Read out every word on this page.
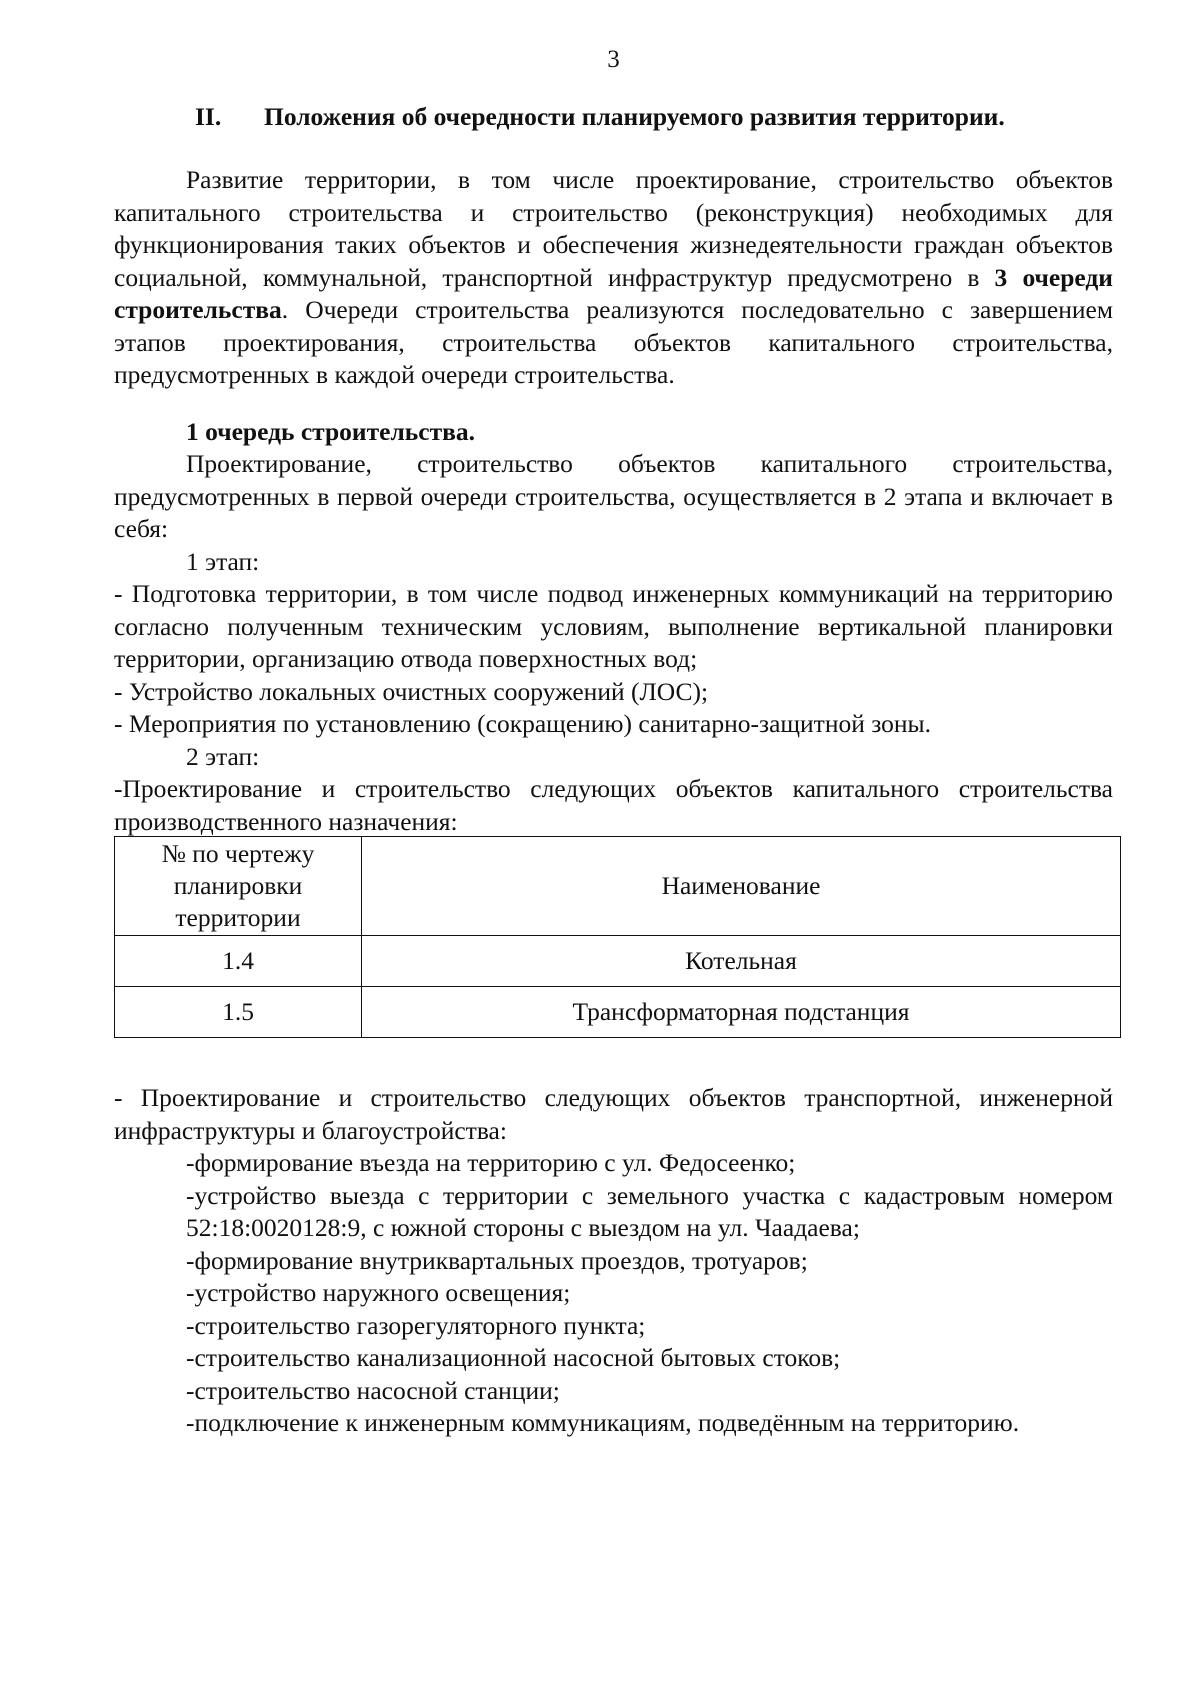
3
II. Положения об очередности планируемого развития территории.

Развитие территории, в том числе проектирование, строительство объектов капитального строительства и строительство (реконструкция) необходимых для функционирования таких объектов и обеспечения жизнедеятельности граждан объектов социальной, коммунальной, транспортной инфраструктур предусмотрено в 3 очереди строительства. Очереди строительства реализуются последовательно с завершением этапов проектирования, строительства объектов капитального строительства, предусмотренных в каждой очереди строительства.

1 очередь строительства.

Проектирование, строительство объектов капитального строительства, предусмотренных в первой очереди строительства, осуществляется в 2 этапа и включает в себя:

1 этап:

- Подготовка территории, в том числе подвод инженерных коммуникаций на территорию согласно полученным техническим условиям, выполнение вертикальной планировки территории, организацию отвода поверхностных вод;

- Устройство локальных очистных сооружений (ЛОС);

- Мероприятия по установлению (сокращению) санитарно-защитной зоны.

2 этап:

-Проектирование и строительство следующих объектов капитального строительства производственного назначения:

№ по чертежу планировки территории	Наименование
1.4	Котельная
1.5	Трансформаторная подстанция

- Проектирование и строительство следующих объектов транспортной, инженерной инфраструктуры и благоустройства:

-формирование въезда на территорию с ул. Федосеенко;

-устройство выезда с территории с земельного участка с кадастровым номером 52:18:0020128:9, с южной стороны с выездом на ул. Чаадаева;

-формирование внутриквартальных проездов, тротуаров;

-устройство наружного освещения;

-строительство газорегуляторного пункта;

-строительство канализационной насосной бытовых стоков;

-строительство насосной станции;

-подключение к инженерным коммуникациям, подведённым на территорию.
